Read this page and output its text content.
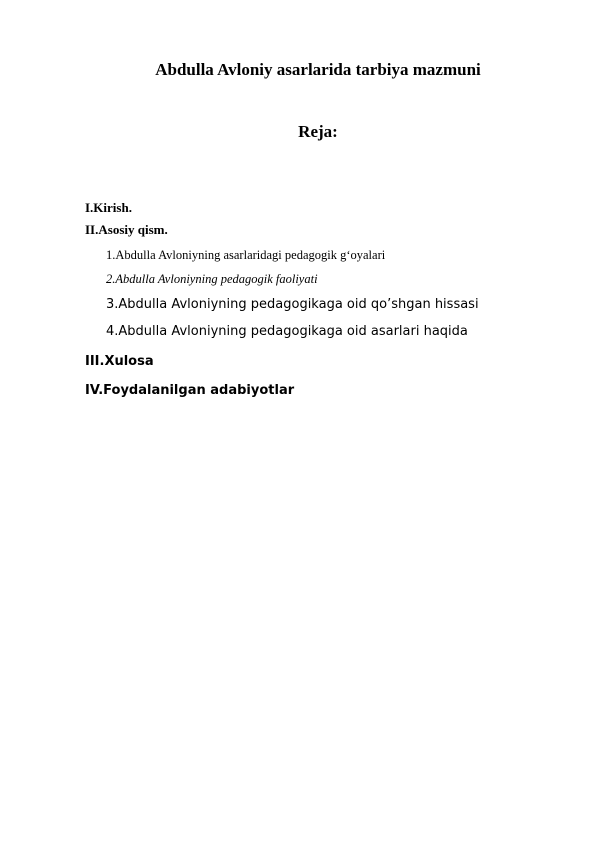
Abdulla Avloniy asarlarida tarbiya mazmuni
Reja:

I.Kirish.

II.Asosiy qism.

1.Abdulla Avloniyning asarlaridagi pedagogik g‘oyalari

2.Abdulla Avloniyning pedagogik faoliyati

3.Abdulla Avloniyning pedagogikaga oid qo’shgan hissasi

4.Abdulla Avloniyning pedagogikaga oid asarlari haqida

III.Xulosa

IV.Foydalanilgan adabiyotlar
